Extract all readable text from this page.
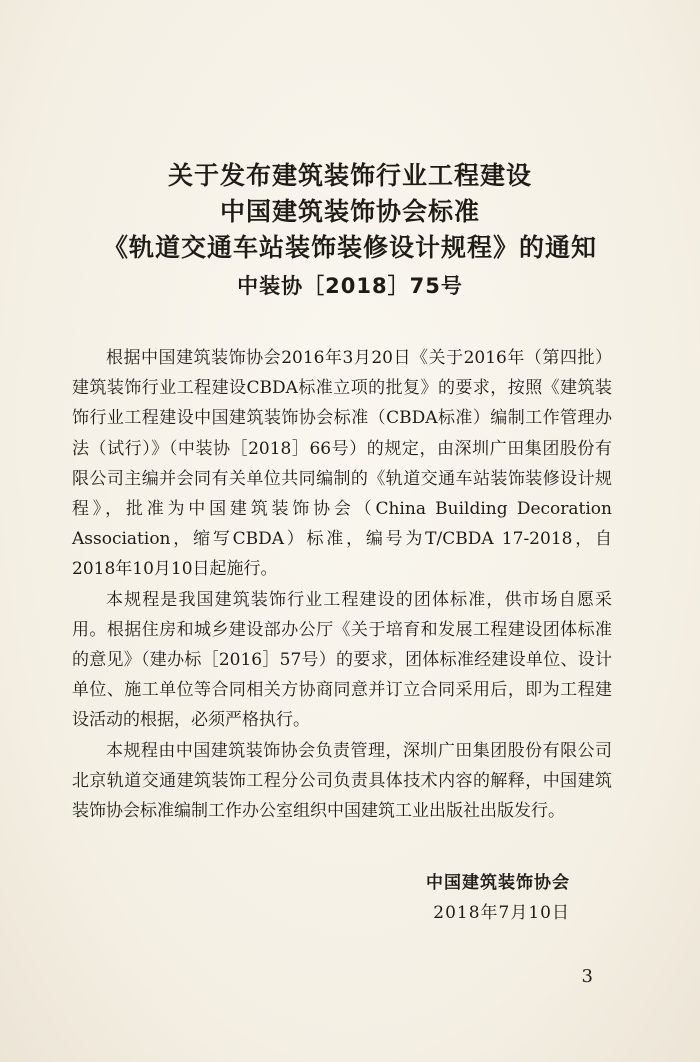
关于发布建筑装饰行业工程建设
中国建筑装饰协会标准
《轨道交通车站装饰装修设计规程》的通知
中装协［2018］75号

根据中国建筑装饰协会2016年3月20日《关于2016年（第四批）建筑装饰行业工程建设CBDA标准立项的批复》的要求，按照《建筑装饰行业工程建设中国建筑装饰协会标准（CBDA标准）编制工作管理办法（试行）》（中装协［2018］66号）的规定，由深圳广田集团股份有限公司主编并会同有关单位共同编制的《轨道交通车站装饰装修设计规程》，批准为中国建筑装饰协会（China Building Decoration Association，缩写CBDA）标准，编号为T/CBDA 17-2018，自2018年10月10日起施行。

本规程是我国建筑装饰行业工程建设的团体标准，供市场自愿采用。根据住房和城乡建设部办公厅《关于培育和发展工程建设团体标准的意见》（建办标［2016］57号）的要求，团体标准经建设单位、设计单位、施工单位等合同相关方协商同意并订立合同采用后，即为工程建设活动的根据，必须严格执行。

本规程由中国建筑装饰协会负责管理，深圳广田集团股份有限公司北京轨道交通建筑装饰工程分公司负责具体技术内容的解释，中国建筑装饰协会标准编制工作办公室组织中国建筑工业出版社出版发行。

中国建筑装饰协会
2018年7月10日
3
